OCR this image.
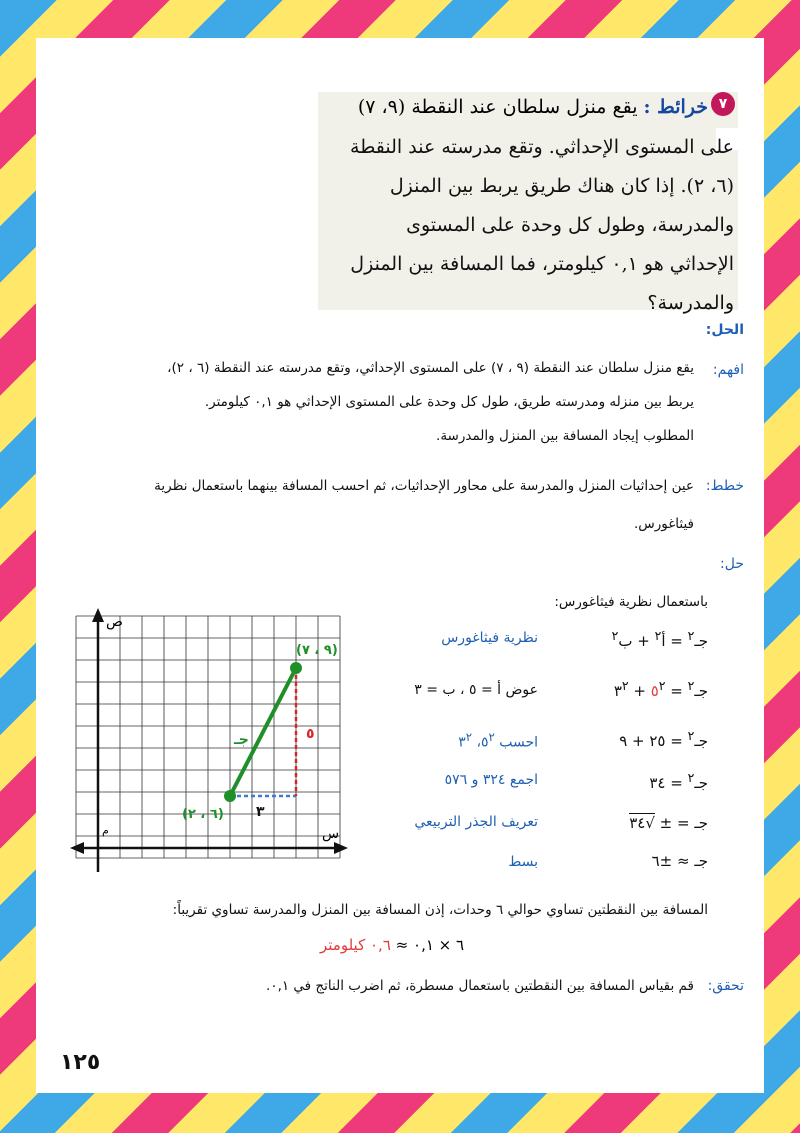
٧
خرائط : يقع منزل سلطان عند النقطة (٩، ٧)
على المستوى الإحداثي. وتقع مدرسته عند النقطة
(٦، ٢). إذا كان هناك طريق يربط بين المنزل
والمدرسة، وطول كل وحدة على المستوى
الإحداثي هو ٠,١ كيلومتر، فما المسافة بين المنزل
والمدرسة؟
الحل:
افهم:
يقع منزل سلطان عند النقطة (٩ ، ٧) على المستوى الإحداثي، وتقع مدرسته عند النقطة (٦ ، ٢)،
يربط بين منزله ومدرسته طريق، طول كل وحدة على المستوى الإحداثي هو ٠,١ كيلومتر.
المطلوب إيجاد المسافة بين المنزل والمدرسة.
خطط:
عين إحداثيات المنزل والمدرسة على محاور الإحداثيات، ثم احسب المسافة بينهما باستعمال نظرية
فيثاغورس.
حل:
باستعمال نظرية فيثاغورس:
جـ$^٢$ = أ$^٢$ + ب$^٢$
نظرية فيثاغورس
جـ$^٢$ = $٥^٢$ + $٣^٢$
عوض أ = ٥ ، ب = ٣
جـ$^٢$ = ٢٥ + ٩
احسب $٥^٢،$ $٣^٢$
جـ$^٢$ = ٣٤
اجمع ٣٢٤ و ٥٧٦
جـ = ± √٣٤
تعريف الجذر التربيعي
جـ ≈ ±٦
بسط
ص
س
م
(٩ ، ٧)
(٦ ، ٢)
٥
٣
جـ
المسافة بين النقطتين تساوي حوالي ٦ وحدات، إذن المسافة بين المنزل والمدرسة تساوي تقريباً:
٦ × ٠,١ ≈ ٠,٦ كيلومتر
تحقق:
قم بقياس المسافة بين النقطتين باستعمال مسطرة، ثم اضرب الناتج في ٠,١.
١٢٥
